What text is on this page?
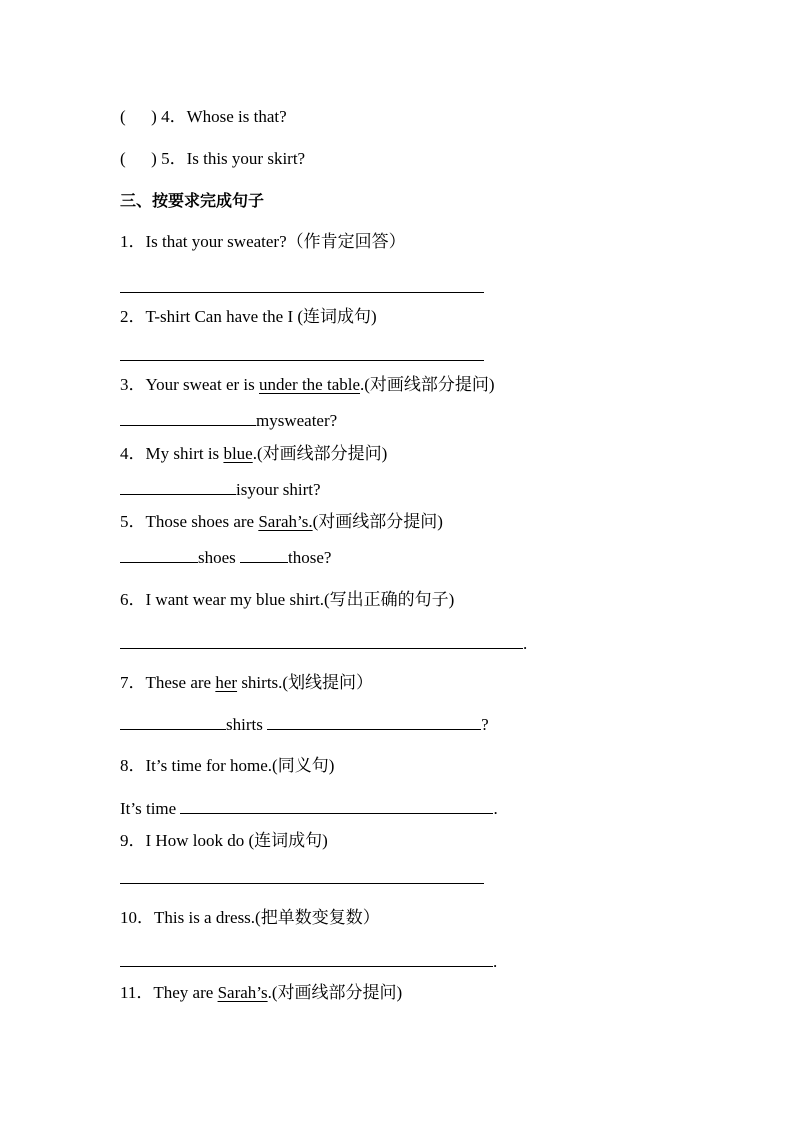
(      ) 4．Whose is that?
(      ) 5．Is this your skirt?
三、按要求完成句子
1．Is that your sweater?（作肯定回答）
2．T-shirt Can have the I (连词成句)
3．Your sweat er is under the table.(对画线部分提问)
mysweater?
4．My shirt is blue.(对画线部分提问)
isyour shirt?
5．Those shoes are Sarah’s.(对画线部分提问)
shoes	those?
6．I want wear my blue shirt.(写出正确的句子)
.
7．These are her shirts.(划线提问）
shirts	?
8．It’s time for home.(同义句)
It’s time	.
9．I How look do (连词成句)
10．This is a dress.(把单数变复数）
.
11．They are Sarah’s.(对画线部分提问)
